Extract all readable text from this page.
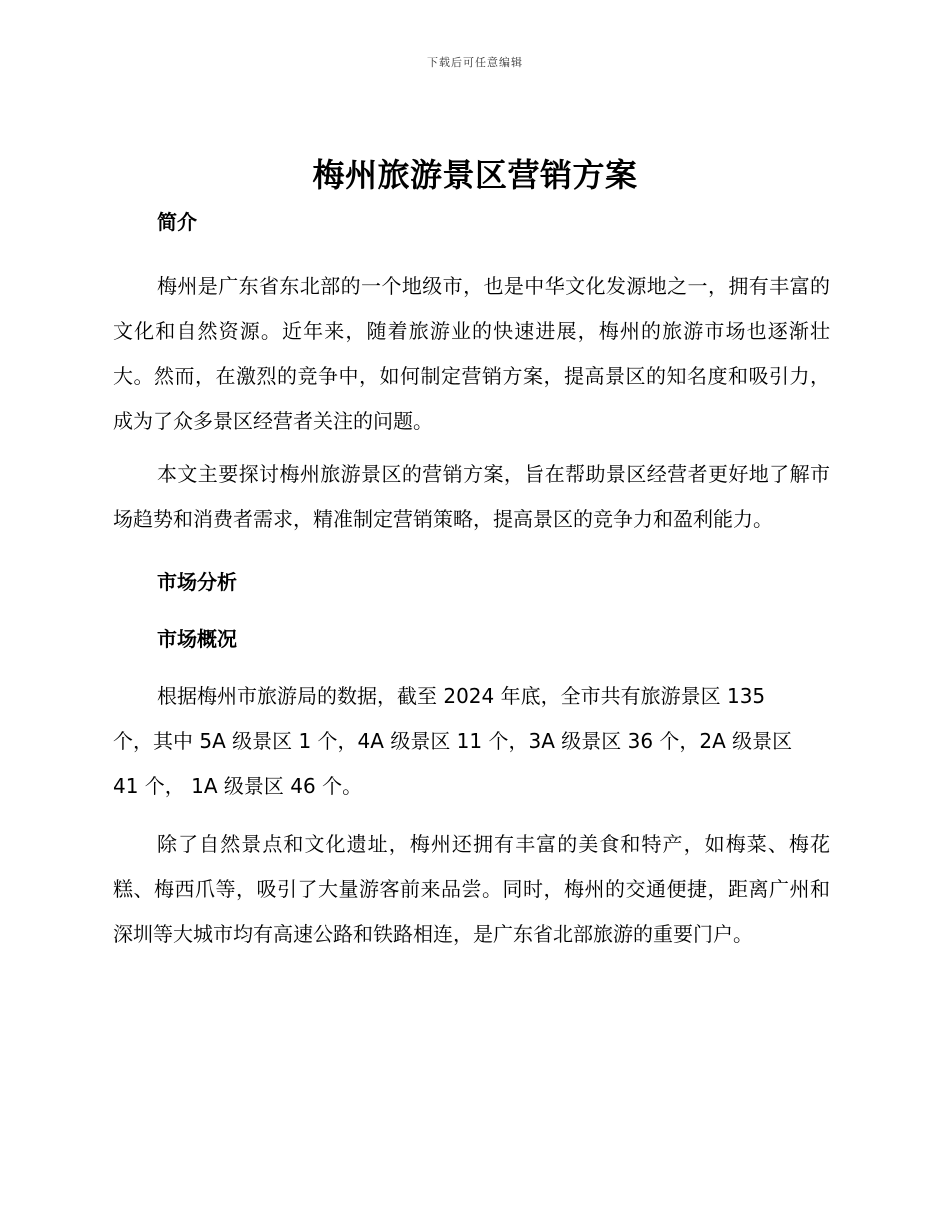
下载后可任意编辑
梅州旅游景区营销方案

简介

梅州是广东省东北部的一个地级市，也是中华文化发源地之一，拥有丰富的文化和自然资源。近年来，随着旅游业的快速进展，梅州的旅游市场也逐渐壮大。然而，在激烈的竞争中，如何制定营销方案，提高景区的知名度和吸引力，成为了众多景区经营者关注的问题。

本文主要探讨梅州旅游景区的营销方案，旨在帮助景区经营者更好地了解市场趋势和消费者需求，精准制定营销策略，提高景区的竞争力和盈利能力。

市场分析

市场概况

根据梅州市旅游局的数据，截至 2024 年底，全市共有旅游景区 135
个，其中 5A 级景区 1 个，4A 级景区 11 个，3A 级景区 36 个，2A 级景区
41 个， 1A 级景区 46 个。

除了自然景点和文化遗址，梅州还拥有丰富的美食和特产，如梅菜、梅花糕、梅西爪等，吸引了大量游客前来品尝。同时，梅州的交通便捷，距离广州和深圳等大城市均有高速公路和铁路相连，是广东省北部旅游的重要门户。
